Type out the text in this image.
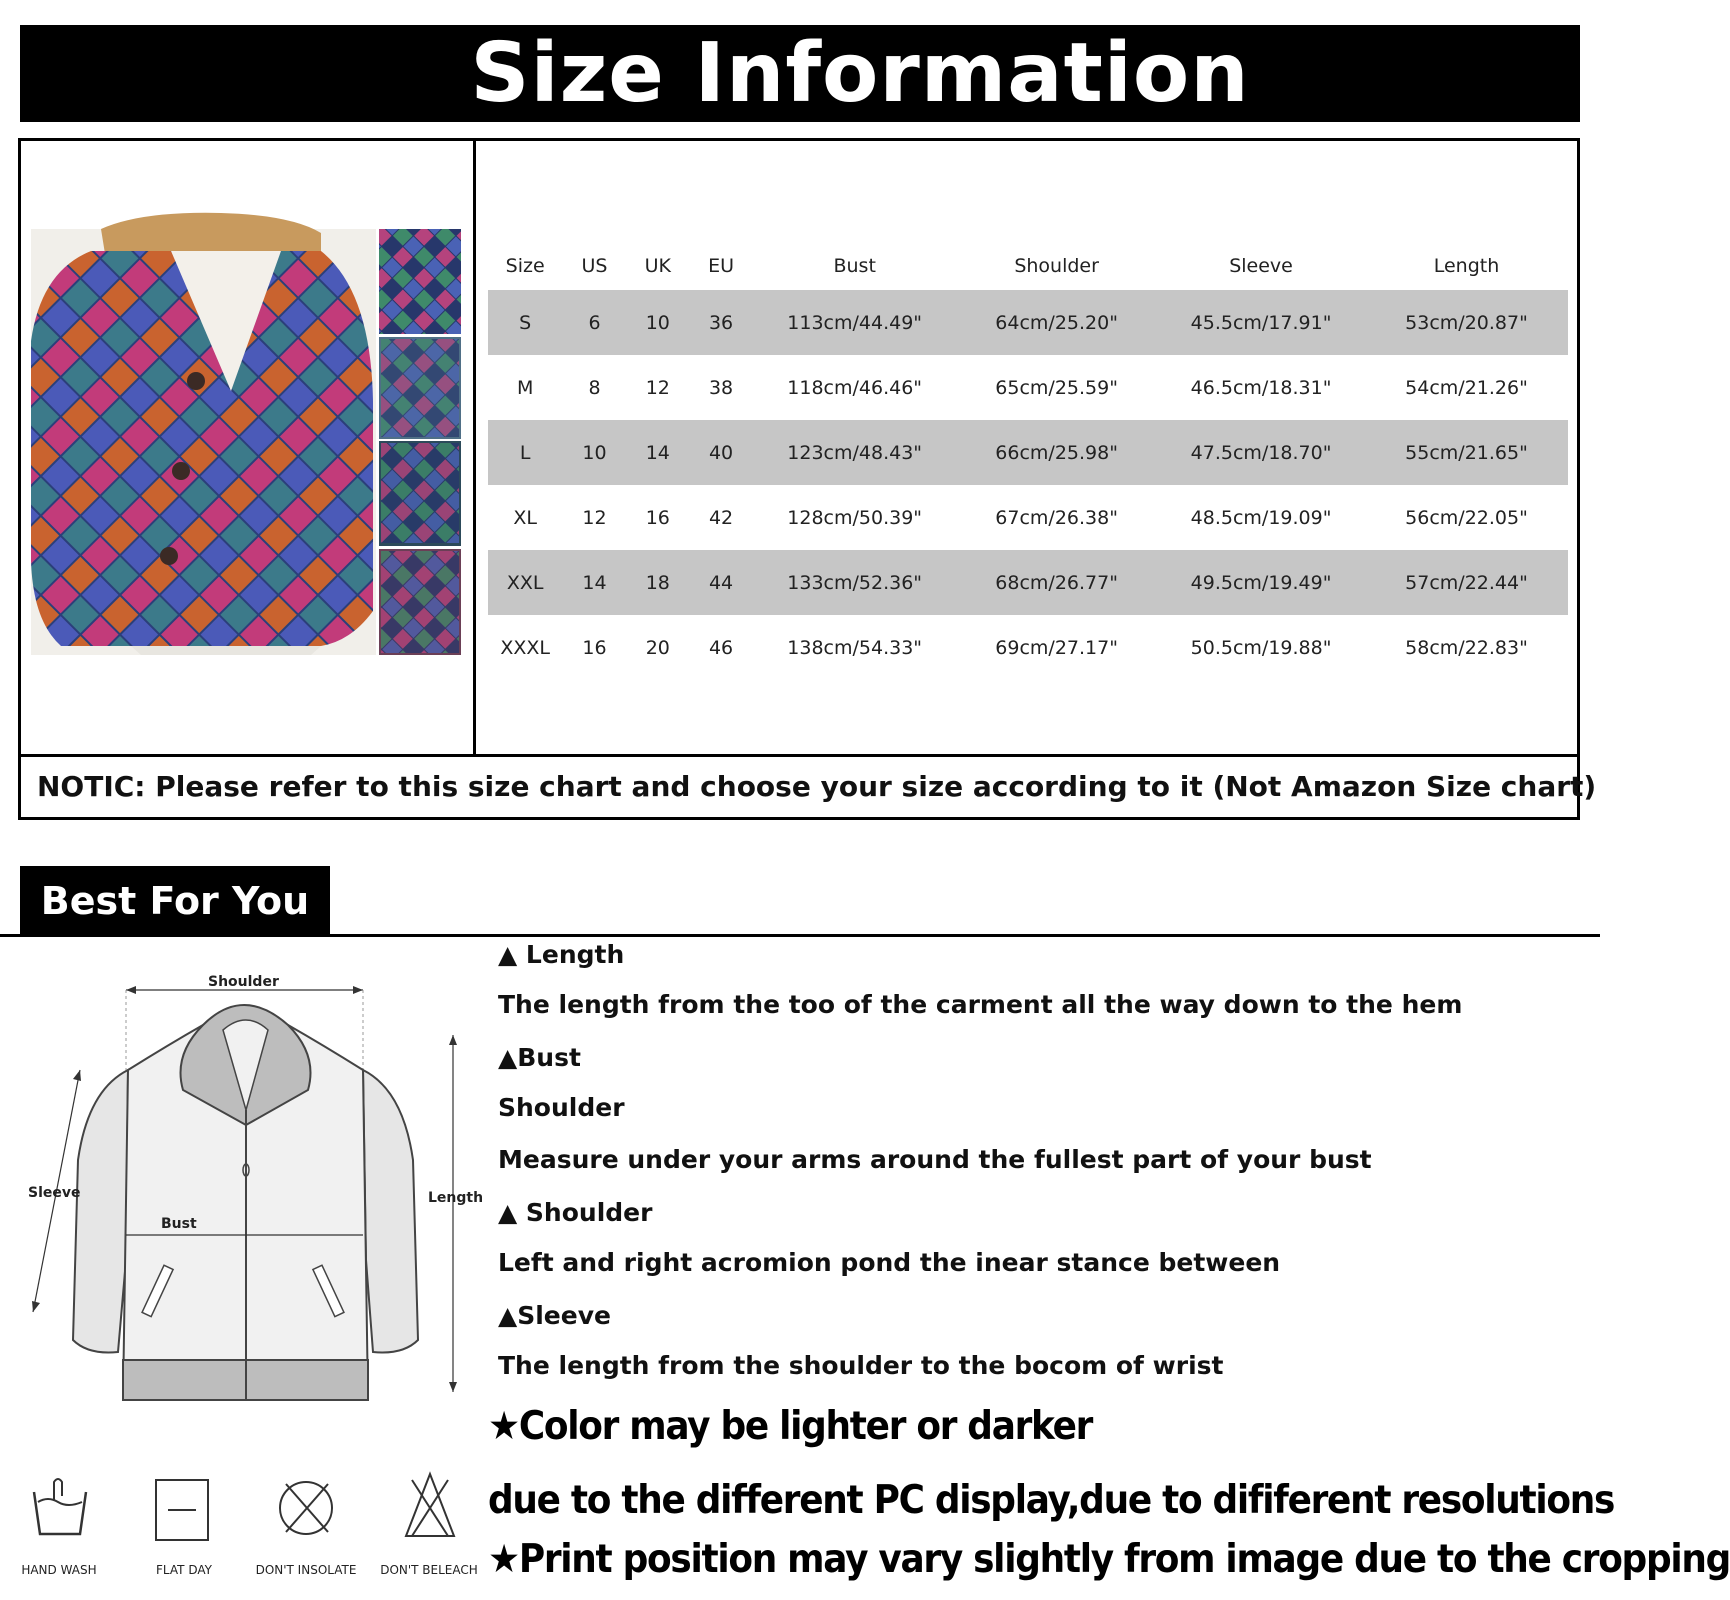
Size Information
NOTIC: Please refer to this size chart and choose your size according to it (Not Amazon Size chart)
Size	US	UK	EU	Bust	Shoulder	Sleeve	Length
S	6	10	36	113cm/44.49"	64cm/25.20"	45.5cm/17.91"	53cm/20.87"
M	8	12	38	118cm/46.46"	65cm/25.59"	46.5cm/18.31"	54cm/21.26"
L	10	14	40	123cm/48.43"	66cm/25.98"	47.5cm/18.70"	55cm/21.65"
XL	12	16	42	128cm/50.39"	67cm/26.38"	48.5cm/19.09"	56cm/22.05"
XXL	14	18	44	133cm/52.36"	68cm/26.77"	49.5cm/19.49"	57cm/22.44"
XXXL	16	20	46	138cm/54.33"	69cm/27.17"	50.5cm/19.88"	58cm/22.83"
Best For You
Shoulder
Sleeve
Bust
Length
HAND WASH	FLAT DAY	DON'T INSOLATE	DON'T BELEACH
▲ Length
The length from the too of the carment all the way down to the hem
▲Bust
Shoulder
Measure under your arms around the fullest part of your bust
▲ Shoulder
Left and right acromion pond the inear stance between
▲Sleeve
The length from the shoulder to the bocom of wrist
★Color may be lighter or darker
due to the different PC display,due to dififerent resolutions
★Print position may vary slightly from image due to the cropping
